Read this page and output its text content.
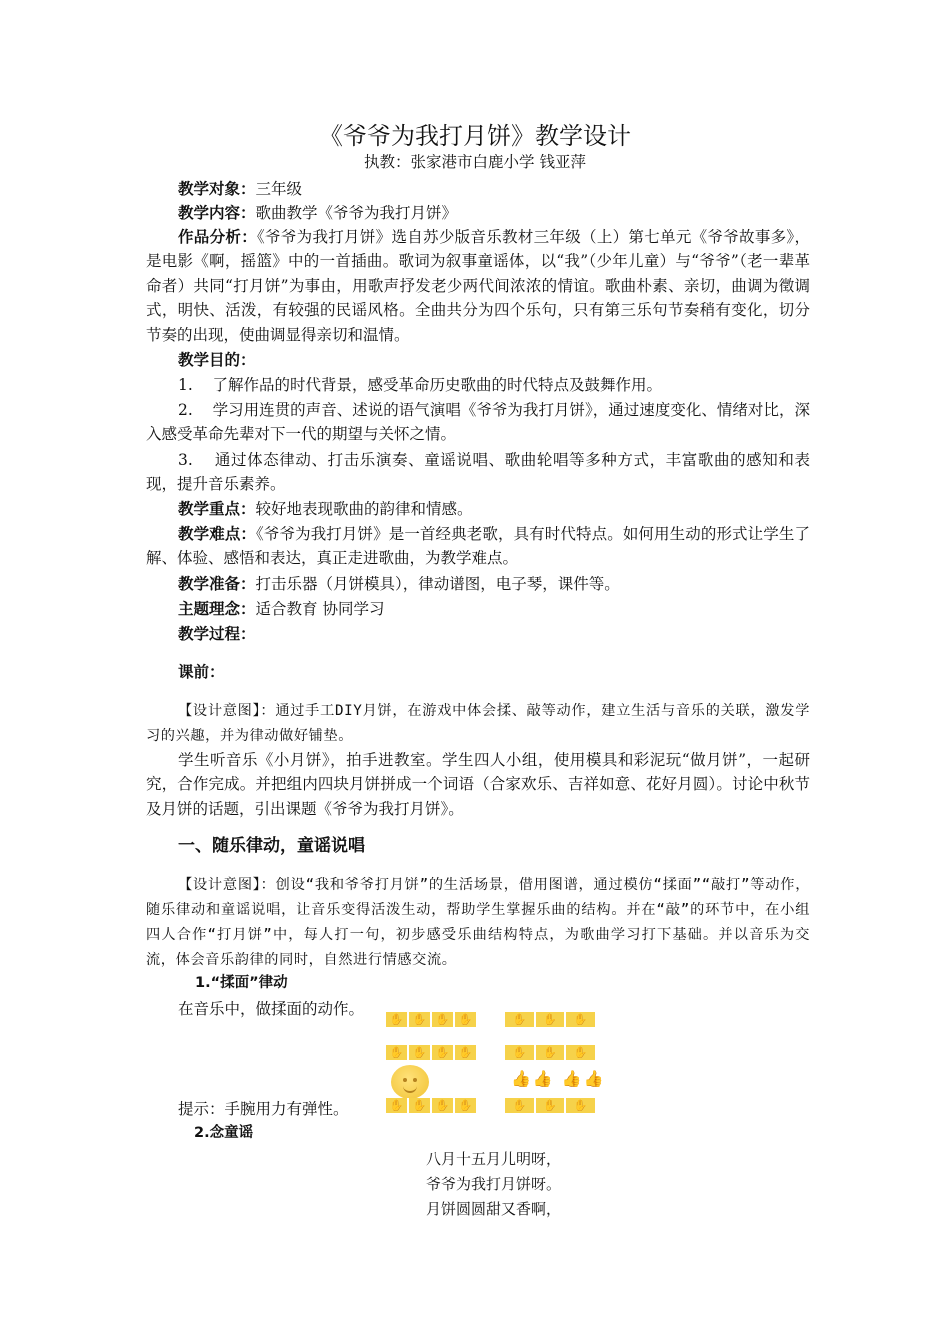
《爷爷为我打月饼》教学设计
执教：张家港市白鹿小学 钱亚萍
教学对象：三年级
教学内容：歌曲教学《爷爷为我打月饼》
作品分析：《爷爷为我打月饼》选自苏少版音乐教材三年级（上）第七单元《爷爷故事多》，是电影《啊，摇篮》中的一首插曲。歌词为叙事童谣体，以“我”（少年儿童）与“爷爷”（老一辈革命者）共同“打月饼”为事由，用歌声抒发老少两代间浓浓的情谊。歌曲朴素、亲切，曲调为徵调式，明快、活泼，有较强的民谣风格。全曲共分为四个乐句，只有第三乐句节奏稍有变化，切分节奏的出现，使曲调显得亲切和温情。
教学目的：
1. 了解作品的时代背景，感受革命历史歌曲的时代特点及鼓舞作用。
2. 学习用连贯的声音、述说的语气演唱《爷爷为我打月饼》，通过速度变化、情绪对比，深入感受革命先辈对下一代的期望与关怀之情。
3. 通过体态律动、打击乐演奏、童谣说唱、歌曲轮唱等多种方式，丰富歌曲的感知和表现，提升音乐素养。
教学重点：较好地表现歌曲的韵律和情感。
教学难点：《爷爷为我打月饼》是一首经典老歌，具有时代特点。如何用生动的形式让学生了解、体验、感悟和表达，真正走进歌曲，为教学难点。
教学准备：打击乐器（月饼模具），律动谱图，电子琴，课件等。
主题理念：适合教育 协同学习
教学过程：
课前：
【设计意图】：通过手工DIY月饼，在游戏中体会揉、敲等动作，建立生活与音乐的关联，激发学习的兴趣，并为律动做好铺垫。
学生听音乐《小月饼》，拍手进教室。学生四人小组，使用模具和彩泥玩“做月饼”，一起研究，合作完成。并把组内四块月饼拼成一个词语（合家欢乐、吉祥如意、花好月圆）。讨论中秋节及月饼的话题，引出课题《爷爷为我打月饼》。
一、随乐律动，童谣说唱
【设计意图】：创设“我和爷爷打月饼”的生活场景，借用图谱，通过模仿“揉面”“敲打”等动作，随乐律动和童谣说唱，让音乐变得活泼生动，帮助学生掌握乐曲的结构。并在“敲”的环节中，在小组四人合作“打月饼”中，每人打一句，初步感受乐曲结构特点，为歌曲学习打下基础。并以音乐为交流，体会音乐韵律的同时，自然进行情感交流。
1.“揉面”律动
在音乐中，做揉面的动作。
✋ ✋ ✋ ✋	✋	✋	✋
✋ ✋ ✋ ✋	✋	✋	✋
👍👍 👍👍
✋ ✋ ✋ ✋	✋	✋	✋
提示：手腕用力有弹性。
2.念童谣
八月十五月儿明呀，
爷爷为我打月饼呀。
月饼圆圆甜又香啊，
